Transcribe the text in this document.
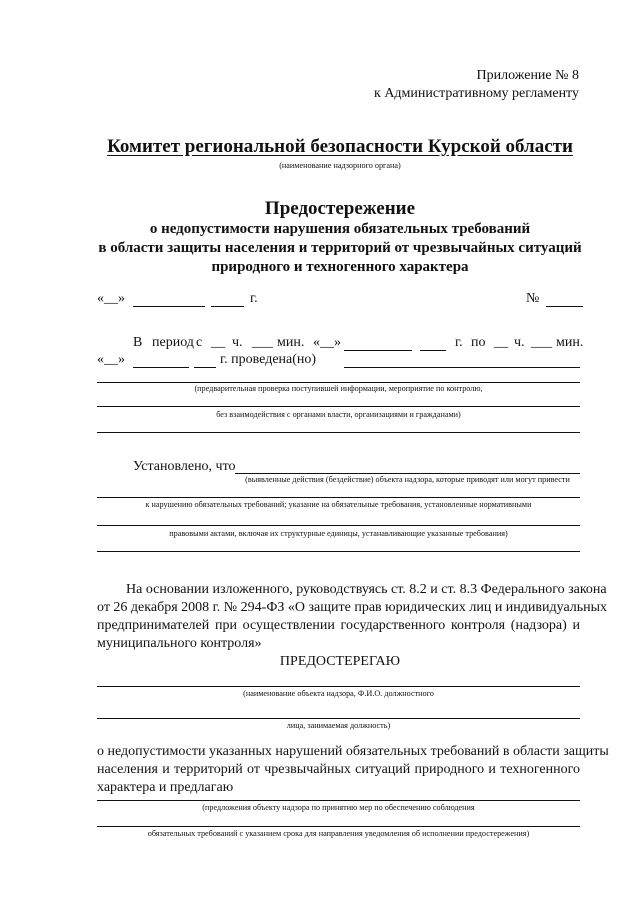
Приложение № 8
к Административному регламенту
Комитет региональной безопасности Курской области
(наименование надзорного органа)
Предостережение
о недопустимости нарушения обязательных требований
в области защиты населения и территорий от чрезвычайных ситуаций
природного и техногенного характера
«__»	г.	№
В период с __ ч. ___ мин. «__»	г. по __ ч. ___ мин.
«__»	г. проведена(но)
(предварительная проверка поступившей информации, мероприятие по контролю,
без взаимодействия с органами власти, организациями и гражданами)
Установлено, что
(выявленные действия (бездействие) объекта надзора, которые приводят или могут привести
к нарушению обязательных требований; указание на обязательные требования, установленные нормативными
правовыми актами, включая их структурные единицы, устанавливающие указанные требования)
На основании изложенного, руководствуясь ст. 8.2 и ст. 8.3 Федерального закона
от 26 декабря 2008 г. № 294-ФЗ «О защите прав юридических лиц и индивидуальных
предпринимателей при осуществлении государственного контроля (надзора) и
муниципального контроля»
ПРЕДОСТЕРЕГАЮ
(наименование объекта надзора, Ф.И.О. должностного
лица, занимаемая должность)
о недопустимости указанных нарушений обязательных требований в области защиты
населения и территорий от чрезвычайных ситуаций природного и техногенного
характера и предлагаю
(предложения объекту надзора по принятию мер по обеспечению соблюдения
обязательных требований с указанием срока для направления уведомления об исполнении предостережения)
